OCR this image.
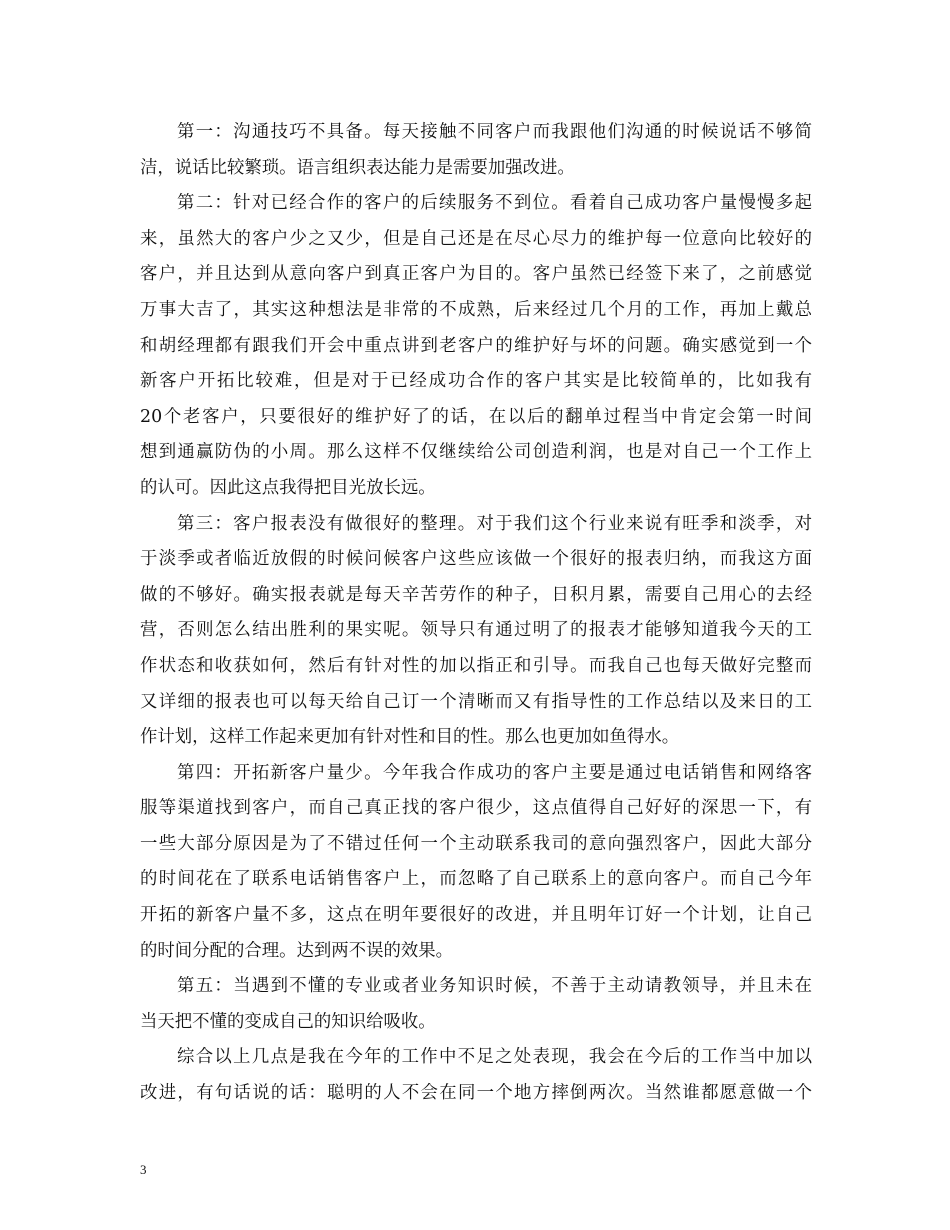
第一：沟通技巧不具备。每天接触不同客户而我跟他们沟通的时候说话不够简
洁，说话比较繁琐。语言组织表达能力是需要加强改进。
第二：针对已经合作的客户的后续服务不到位。看着自己成功客户量慢慢多起
来，虽然大的客户少之又少，但是自己还是在尽心尽力的维护每一位意向比较好的
客户，并且达到从意向客户到真正客户为目的。客户虽然已经签下来了，之前感觉
万事大吉了，其实这种想法是非常的不成熟，后来经过几个月的工作，再加上戴总
和胡经理都有跟我们开会中重点讲到老客户的维护好与坏的问题。确实感觉到一个
新客户开拓比较难，但是对于已经成功合作的客户其实是比较简单的，比如我有
20个老客户，只要很好的维护好了的话，在以后的翻单过程当中肯定会第一时间
想到通赢防伪的小周。那么这样不仅继续给公司创造利润，也是对自己一个工作上
的认可。因此这点我得把目光放长远。
第三：客户报表没有做很好的整理。对于我们这个行业来说有旺季和淡季，对
于淡季或者临近放假的时候问候客户这些应该做一个很好的报表归纳，而我这方面
做的不够好。确实报表就是每天辛苦劳作的种子，日积月累，需要自己用心的去经
营，否则怎么结出胜利的果实呢。领导只有通过明了的报表才能够知道我今天的工
作状态和收获如何，然后有针对性的加以指正和引导。而我自己也每天做好完整而
又详细的报表也可以每天给自己订一个清晰而又有指导性的工作总结以及来日的工
作计划，这样工作起来更加有针对性和目的性。那么也更加如鱼得水。
第四：开拓新客户量少。今年我合作成功的客户主要是通过电话销售和网络客
服等渠道找到客户，而自己真正找的客户很少，这点值得自己好好的深思一下，有
一些大部分原因是为了不错过任何一个主动联系我司的意向强烈客户，因此大部分
的时间花在了联系电话销售客户上，而忽略了自己联系上的意向客户。而自己今年
开拓的新客户量不多，这点在明年要很好的改进，并且明年订好一个计划，让自己
的时间分配的合理。达到两不误的效果。
第五：当遇到不懂的专业或者业务知识时候，不善于主动请教领导，并且未在
当天把不懂的变成自己的知识给吸收。
综合以上几点是我在今年的工作中不足之处表现，我会在今后的工作当中加以
改进，有句话说的话：聪明的人不会在同一个地方摔倒两次。当然谁都愿意做一个
3
